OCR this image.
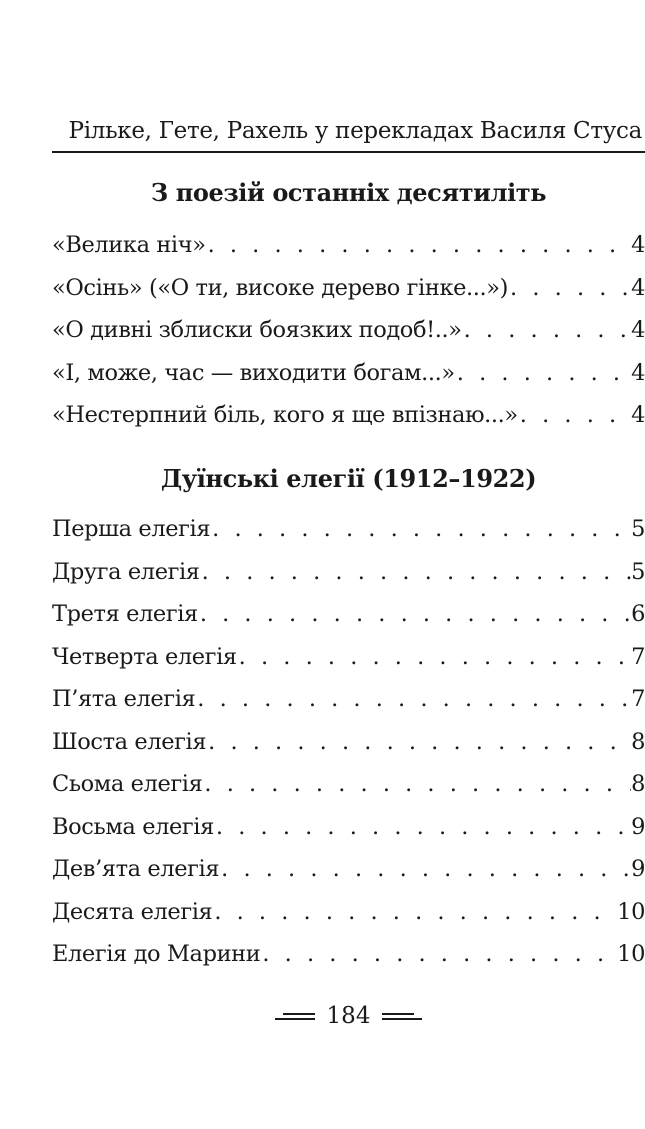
Рільке, Гете, Рахель у перекладах Василя Стуса
З поезій останніх десятиліть
«Велика ніч» . . .	4
«Осінь» («О ти, високе дерево гінке...») . . .	4
«О дивні зблиски боязких подоб!..» . . .	4
«І, може, час — виходити богам...» . . .	4
«Нестерпний біль, кого я ще впізнаю...» . . .	4
Дуїнські елегії (1912–1922)
Перша елегія . . .	5
Друга елегія . . .	5
Третя елегія . . .	6
Четверта елегія . . .	7
П’ята елегія . . .	7
Шоста елегія . . .	8
Сьома елегія . . .	8
Восьма елегія . . .	9
Дев’ята елегія . . .	9
Десята елегія . . .	10
Елегія до Марини . . .	10
184
